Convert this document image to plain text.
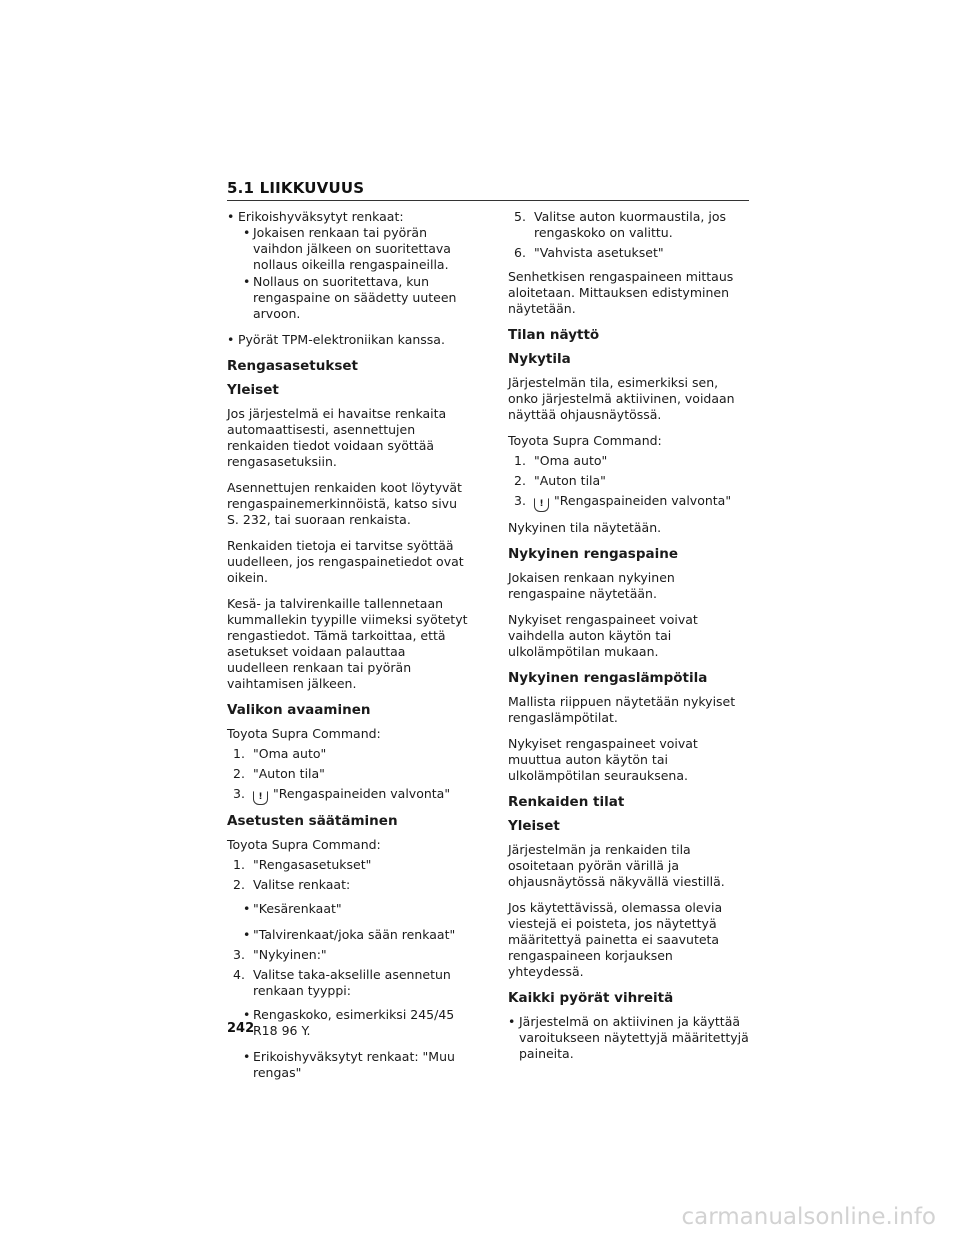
5.1 LIIKKUVUUS
• Erikoishyväksytyt renkaat:
• Jokaisen renkaan tai pyörän vaihdon jälkeen on suoritettava nollaus oikeilla rengaspaineilla.
• Nollaus on suoritettava, kun rengaspaine on säädetty uuteen arvoon.
• Pyörät TPM-elektroniikan kanssa.
Rengasasetukset
Yleiset

Jos järjestelmä ei havaitse renkaita automaattisesti, asennettujen renkaiden tiedot voidaan syöttää rengasasetuksiin.

Asennettujen renkaiden koot löytyvät rengaspainemerkinnöistä, katso sivu S. 232, tai suoraan renkaista.

Renkaiden tietoja ei tarvitse syöttää uudelleen, jos rengaspainetiedot ovat oikein.

Kesä- ja talvirenkaille tallennetaan kummallekin tyypille viimeksi syötetyt rengastiedot. Tämä tarkoittaa, että asetukset voidaan palauttaa uudelleen renkaan tai pyörän vaihtamisen jälkeen.

Valikon avaaminen

Toyota Supra Command:

1. "Oma auto"
2. "Auton tila"
3. ! "Rengaspaineiden valvonta"
Asetusten säätäminen

Toyota Supra Command:

1. "Rengasasetukset"
2. Valitse renkaat:
• "Kesärenkaat"
• "Talvirenkaat/joka sään renkaat"
3. "Nykyinen:"
4. Valitse taka-akselille asennetun renkaan tyyppi:
• Rengaskoko, esimerkiksi 245/45 R18 96 Y.
• Erikoishyväksytyt renkaat: "Muu rengas"
5. Valitse auton kuormaustila, jos rengaskoko on valittu.
6. "Vahvista asetukset"

Senhetkisen rengaspaineen mittaus aloitetaan. Mittauksen edistyminen näytetään.

Tilan näyttö
Nykytila

Järjestelmän tila, esimerkiksi sen, onko järjestelmä aktiivinen, voidaan näyttää ohjausnäytössä.

Toyota Supra Command:

1. "Oma auto"
2. "Auton tila"
3. ! "Rengaspaineiden valvonta"

Nykyinen tila näytetään.

Nykyinen rengaspaine

Jokaisen renkaan nykyinen rengaspaine näytetään.

Nykyiset rengaspaineet voivat vaihdella auton käytön tai ulkolämpötilan mukaan.

Nykyinen rengaslämpötila

Mallista riippuen näytetään nykyiset rengaslämpötilat.

Nykyiset rengaspaineet voivat muuttua auton käytön tai ulkolämpötilan seurauksena.

Renkaiden tilat
Yleiset

Järjestelmän ja renkaiden tila osoitetaan pyörän värillä ja ohjausnäytössä näkyvällä viestillä.

Jos käytettävissä, olemassa olevia viestejä ei poisteta, jos näytettyä määritettyä painetta ei saavuteta rengaspaineen korjauksen yhteydessä.

Kaikki pyörät vihreitä
• Järjestelmä on aktiivinen ja käyttää varoitukseen näytettyjä määritettyjä paineita.
242
carmanualsonline.info
